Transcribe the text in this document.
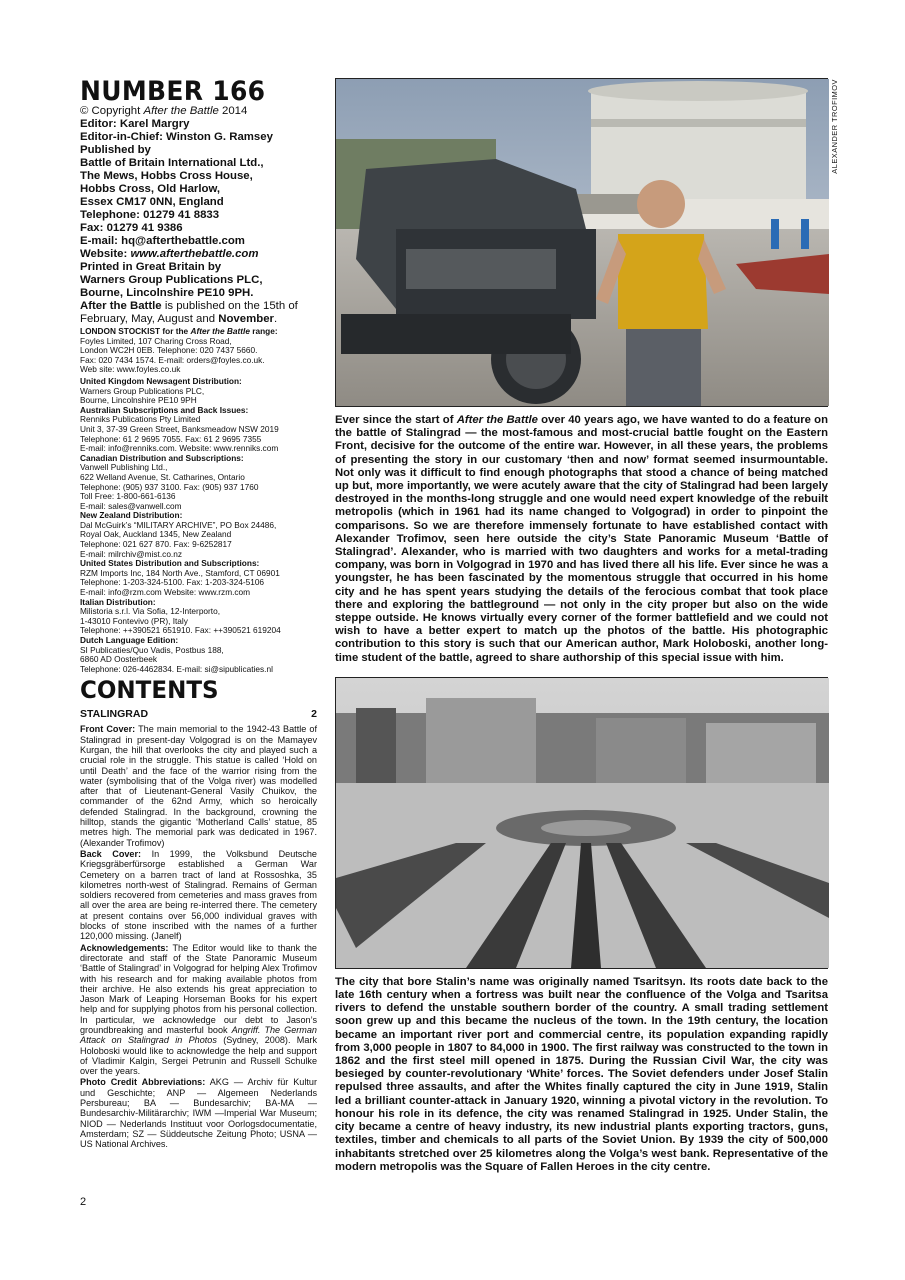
NUMBER 166
© Copyright After the Battle 2014
Editor: Karel Margry
Editor-in-Chief: Winston G. Ramsey
Published by
Battle of Britain International Ltd.,
The Mews, Hobbs Cross House,
Hobbs Cross, Old Harlow,
Essex CM17 0NN, England
Telephone: 01279 41 8833
Fax: 01279 41 9386
E-mail: hq@afterthebattle.com
Website: www.afterthebattle.com
Printed in Great Britain by
Warners Group Publications PLC,
Bourne, Lincolnshire PE10 9PH.
After the Battle is published on the 15th of February, May, August and November.
LONDON STOCKIST for the After the Battle range:
Foyles Limited, 107 Charing Cross Road,
London WC2H 0EB. Telephone: 020 7437 5660.
Fax: 020 7434 1574. E-mail: orders@foyles.co.uk.
Web site: www.foyles.co.uk
United Kingdom Newsagent Distribution:
Warners Group Publications PLC,
Bourne, Lincolnshire PE10 9PH
Australian Subscriptions and Back Issues:
Renniks Publications Pty Limited
Unit 3, 37-39 Green Street, Banksmeadow NSW 2019
Telephone: 61 2 9695 7055. Fax: 61 2 9695 7355
E-mail: info@renniks.com. Website: www.renniks.com
Canadian Distribution and Subscriptions:
Vanwell Publishing Ltd.,
622 Welland Avenue, St. Catharines, Ontario
Telephone: (905) 937 3100. Fax: (905) 937 1760
Toll Free: 1-800-661-6136
E-mail: sales@vanwell.com
New Zealand Distribution:
Dal McGuirk’s “MILITARY ARCHIVE”, PO Box 24486,
Royal Oak, Auckland 1345, New Zealand
Telephone: 021 627 870. Fax: 9-6252817
E-mail: milrchiv@mist.co.nz
United States Distribution and Subscriptions:
RZM Imports Inc, 184 North Ave., Stamford, CT 06901
Telephone: 1-203-324-5100. Fax: 1-203-324-5106
E-mail: info@rzm.com Website: www.rzm.com
Italian Distribution:
Milistoria s.r.l. Via Sofia, 12-Interporto,
1-43010 Fontevivo (PR), Italy
Telephone: ++390521 651910. Fax: ++390521 619204
Dutch Language Edition:
SI Publicaties/Quo Vadis, Postbus 188,
6860 AD Oosterbeek
Telephone: 026-4462834. E-mail: si@sipublicaties.nl
CONTENTS
STALINGRAD	2

Front Cover: The main memorial to the 1942-43 Battle of Stalingrad in present-day Volgograd is on the Mamayev Kurgan, the hill that overlooks the city and played such a crucial role in the struggle. This statue is called ‘Hold on until Death’ and the face of the warrior rising from the water (symbolising that of the Volga river) was modelled after that of Lieutenant-General Vasily Chuikov, the commander of the 62nd Army, which so heroically defended Stalingrad. In the background, crowning the hilltop, stands the gigantic ‘Motherland Calls’ statue, 85 metres high. The memorial park was dedicated in 1967. (Alexander Trofimov)

Back Cover: In 1999, the Volksbund Deutsche Kriegsgräberfürsorge established a German War Cemetery on a barren tract of land at Rossoshka, 35 kilometres north-west of Stalingrad. Remains of German soldiers recovered from cemeteries and mass graves from all over the area are being re-interred there. The cemetery at present contains over 56,000 individual graves with blocks of stone inscribed with the names of a further 120,000 missing. (Janelf)

Acknowledgements: The Editor would like to thank the directorate and staff of the State Panoramic Museum ‘Battle of Stalingrad’ in Volgograd for helping Alex Trofimov with his research and for making available photos from their archive. He also extends his great appreciation to Jason Mark of Leaping Horseman Books for his expert help and for supplying photos from his personal collection. In particular, we acknowledge our debt to Jason’s groundbreaking and masterful book Angriff. The German Attack on Stalingrad in Photos (Sydney, 2008). Mark Holoboski would like to acknowledge the help and support of Vladimir Kalgin, Sergei Petrunin and Russell Schulke over the years.

Photo Credit Abbreviations: AKG — Archiv für Kultur und Geschichte; ANP — Algemeen Nederlands Persbureau; BA — Bundesarchiv; BA-MA — Bundesarchiv-Militärarchiv; IWM —Imperial War Museum; NIOD — Nederlands Instituut voor Oorlogsdocumentatie, Amsterdam; SZ — Süddeutsche Zeitung Photo; USNA — US National Archives.

ALEXANDER TROFIMOV

Ever since the start of After the Battle over 40 years ago, we have wanted to do a feature on the battle of Stalingrad — the most-famous and most-crucial battle fought on the Eastern Front, decisive for the outcome of the entire war. However, in all these years, the problems of presenting the story in our customary ‘then and now’ format seemed insurmountable. Not only was it difficult to find enough photographs that stood a chance of being matched up but, more importantly, we were acutely aware that the city of Stalingrad had been largely destroyed in the months-long struggle and one would need expert knowledge of the rebuilt metropolis (which in 1961 had its name changed to Volgograd) in order to pinpoint the comparisons. So we are therefore immensely fortunate to have established contact with Alexander Trofimov, seen here outside the city’s State Panoramic Museum ‘Battle of Stalingrad’. Alexander, who is married with two daughters and works for a metal-trading company, was born in Volgograd in 1970 and has lived there all his life. Ever since he was a youngster, he has been fascinated by the momentous struggle that occurred in his home city and he has spent years studying the details of the ferocious combat that took place there and exploring the battleground — not only in the city proper but also on the wide steppe outside. He knows virtually every corner of the former battlefield and we could not wish to have a better expert to match up the photos of the battle. His photographic contribution to this story is such that our American author, Mark Holoboski, another long-time student of the battle, agreed to share authorship of this special issue with him.

The city that bore Stalin’s name was originally named Tsaritsyn. Its roots date back to the late 16th century when a fortress was built near the confluence of the Volga and Tsaritsa rivers to defend the unstable southern border of the country. A small trading settlement soon grew up and this became the nucleus of the town. In the 19th century, the location became an important river port and commercial centre, its population expanding rapidly from 3,000 people in 1807 to 84,000 in 1900. The first railway was constructed to the town in 1862 and the first steel mill opened in 1875. During the Russian Civil War, the city was besieged by counter-revolutionary ‘White’ forces. The Soviet defenders under Josef Stalin repulsed three assaults, and after the Whites finally captured the city in June 1919, Stalin led a brilliant counter-attack in January 1920, winning a pivotal victory in the revolution. To honour his role in its defence, the city was renamed Stalingrad in 1925. Under Stalin, the city became a centre of heavy industry, its new industrial plants exporting tractors, guns, textiles, timber and chemicals to all parts of the Soviet Union. By 1939 the city of 500,000 inhabitants stretched over 25 kilometres along the Volga’s west bank. Representative of the modern metropolis was the Square of Fallen Heroes in the city centre.

2
